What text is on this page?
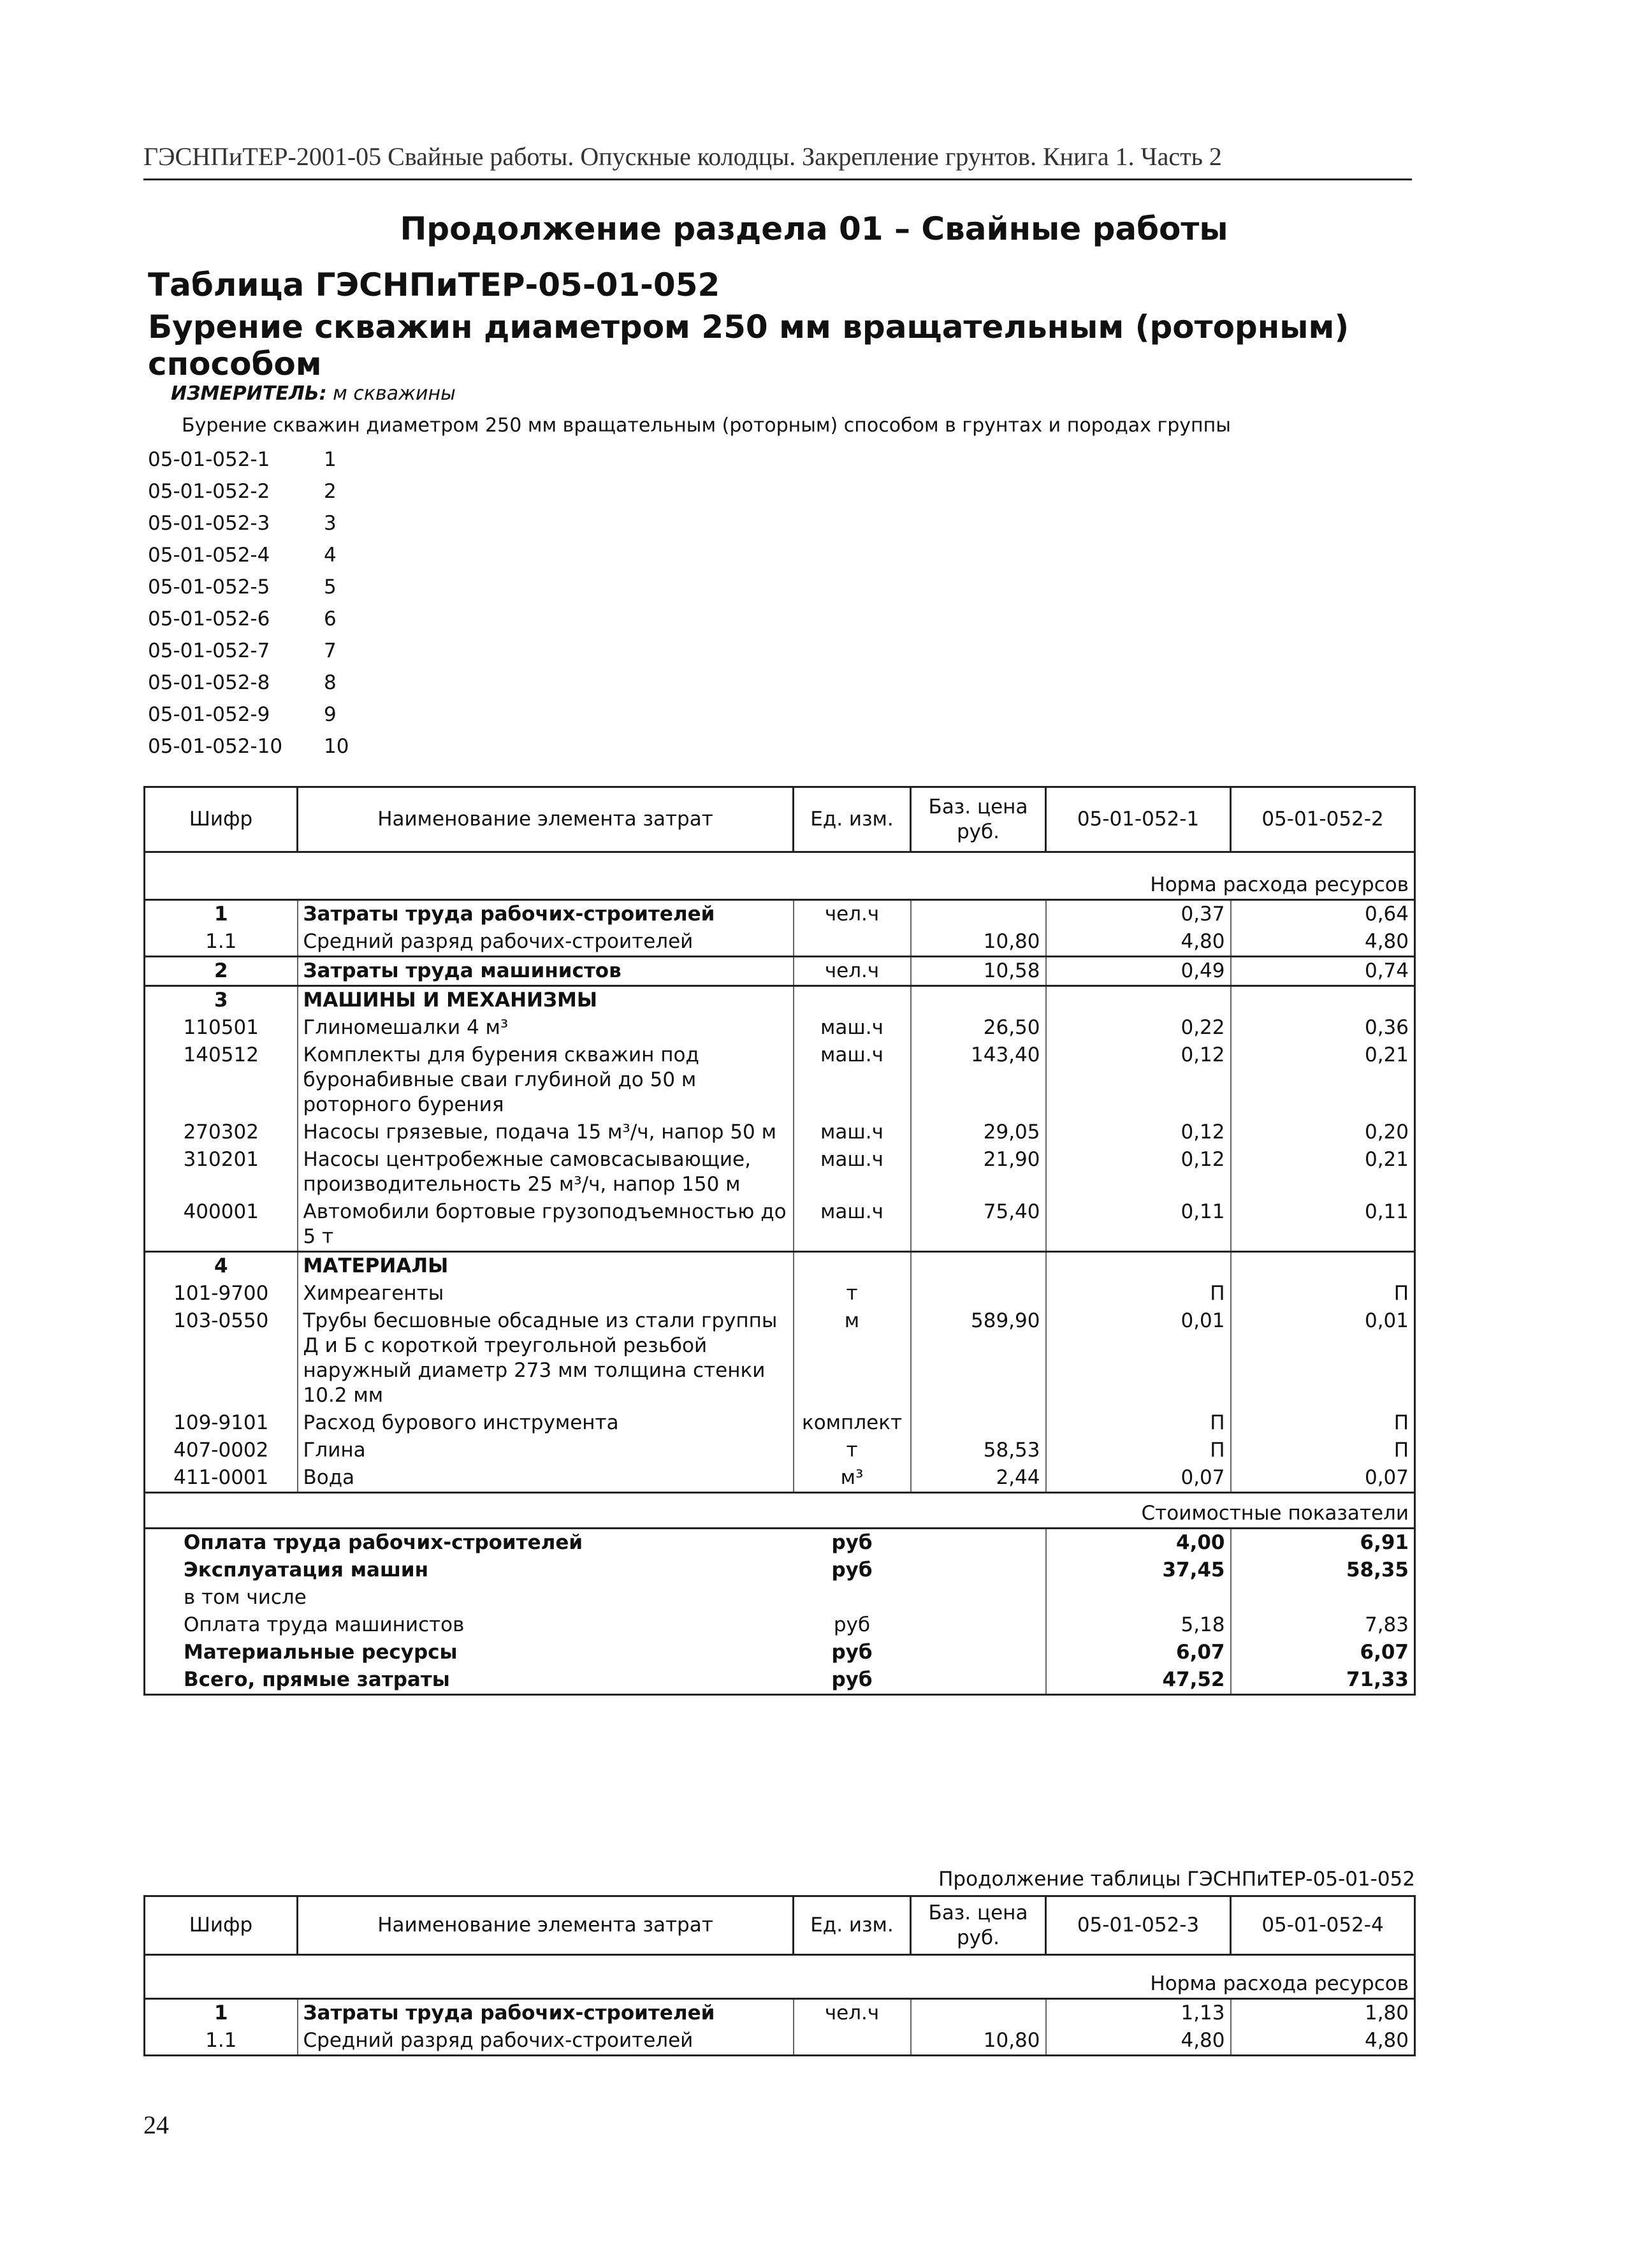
ГЭСНПиТЕР-2001-05 Свайные работы. Опускные колодцы. Закрепление грунтов. Книга 1. Часть 2
Продолжение раздела 01 – Свайные работы
Таблица ГЭСНПиТЕР-05-01-052
Бурение скважин диаметром 250 мм вращательным (роторным)
способом
ИЗМЕРИТЕЛЬ: м скважины
Бурение скважин диаметром 250 мм вращательным (роторным) способом в грунтах и породах группы
05-01-052-1	1
05-01-052-2	2
05-01-052-3	3
05-01-052-4	4
05-01-052-5	5
05-01-052-6	6
05-01-052-7	7
05-01-052-8	8
05-01-052-9	9
05-01-052-10 10
Шифр	Наименование элемента затрат	Ед. изм.	Баз. цена руб.	05-01-052-1	05-01-052-2

Норма расхода ресурсов					
1	Затраты труда рабочих-строителей	чел.ч		0,37	0,64
1.1	Средний разряд рабочих-строителей		10,80	4,80	4,80
2	Затраты труда машинистов	чел.ч	10,58	0,49	0,74
3	МАШИНЫ И МЕХАНИЗМЫ				
110501	Глиномешалки 4 м³	маш.ч	26,50	0,22	0,36
140512	Комплекты для бурения скважин под буронабивные сваи глубиной до 50 м роторного бурения	маш.ч	143,40	0,12	0,21
270302	Насосы грязевые, подача 15 м³/ч, напор 50 м	маш.ч	29,05	0,12	0,20
310201	Насосы центробежные самовсасывающие, производительность 25 м³/ч, напор 150 м	маш.ч	21,90	0,12	0,21
400001	Автомобили бортовые грузоподъемностью до 5 т	маш.ч	75,40	0,11	0,11
4	МАТЕРИАЛЫ				
101-9700	Химреагенты	т		П	П
103-0550	Трубы бесшовные обсадные из стали группы Д и Б с короткой треугольной резьбой наружный диаметр 273 мм толщина стенки 10.2 мм	м	589,90	0,01	0,01
109-9101	Расход бурового инструмента	комплект		П	П
407-0002	Глина	т	58,53	П	П
411-0001	Вода	м³	2,44	0,07	0,07

Стоимостные показатели					
Оплата труда рабочих-строителей		руб		4,00	6,91
Эксплуатация машин		руб		37,45	58,35
в том числе					
Оплата труда машинистов		руб		5,18	7,83
Материальные ресурсы		руб		6,07	6,07
Всего, прямые затраты		руб		47,52	71,33
Продолжение таблицы ГЭСНПиТЕР-05-01-052
Шифр	Наименование элемента затрат	Ед. изм.	Баз. цена руб.	05-01-052-3	05-01-052-4

Норма расхода ресурсов					
1	Затраты труда рабочих-строителей	чел.ч		1,13	1,80
1.1	Средний разряд рабочих-строителей		10,80	4,80	4,80
24
